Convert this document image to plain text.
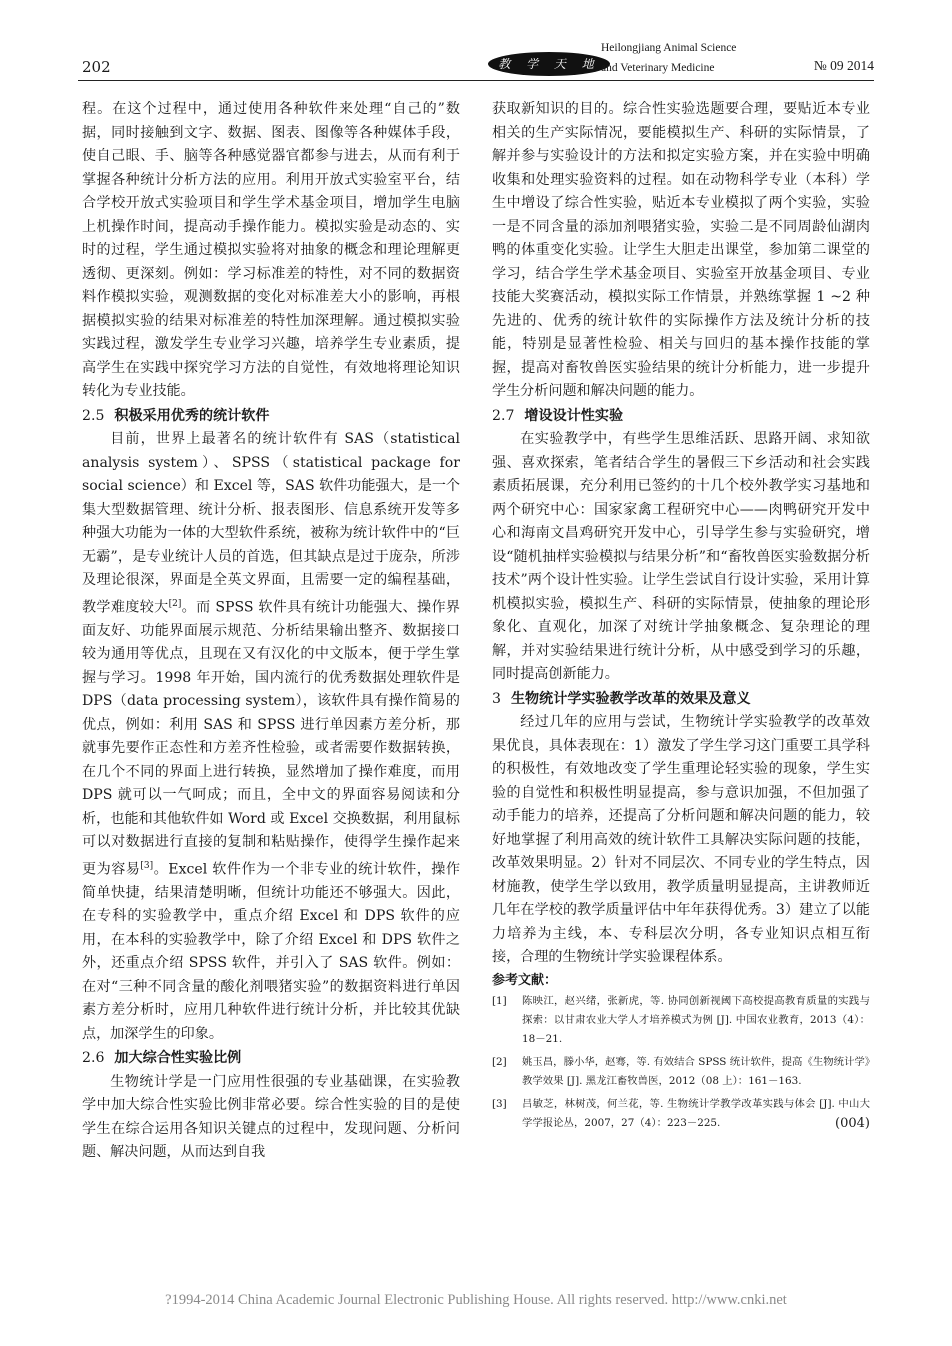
202	教 学 天 地
Heilongjiang Animal Science
and Veterinary Medicine	№ 09 2014

程。在这个过程中，通过使用各种软件来处理“自己的”数据，同时接触到文字、数据、图表、图像等各种媒体手段，使自己眼、手、脑等各种感觉器官都参与进去，从而有利于掌握各种统计分析方法的应用。利用开放式实验室平台，结合学校开放式实验项目和学生学术基金项目，增加学生电脑上机操作时间，提高动手操作能力。模拟实验是动态的、实时的过程，学生通过模拟实验将对抽象的概念和理论理解更透彻、更深刻。例如：学习标准差的特性，对不同的数据资料作模拟实验，观测数据的变化对标准差大小的影响，再根据模拟实验的结果对标准差的特性加深理解。通过模拟实验实践过程，激发学生专业学习兴趣，培养学生专业素质，提高学生在实践中探究学习方法的自觉性，有效地将理论知识转化为专业技能。

2.5 积极采用优秀的统计软件

目前，世界上最著名的统计软件有 SAS（statistical analysis system）、SPSS（statistical package for social science）和 Excel 等，SAS 软件功能强大，是一个集大型数据管理、统计分析、报表图形、信息系统开发等多种强大功能为一体的大型软件系统，被称为统计软件中的“巨无霸”，是专业统计人员的首选，但其缺点是过于庞杂，所涉及理论很深，界面是全英文界面，且需要一定的编程基础，教学难度较大[2]。而 SPSS 软件具有统计功能强大、操作界面友好、功能界面展示规范、分析结果输出整齐、数据接口较为通用等优点，且现在又有汉化的中文版本，便于学生掌握与学习。1998 年开始，国内流行的优秀数据处理软件是 DPS（data processing system），该软件具有操作简易的优点，例如：利用 SAS 和 SPSS 进行单因素方差分析，那就事先要作正态性和方差齐性检验，或者需要作数据转换，在几个不同的界面上进行转换，显然增加了操作难度，而用 DPS 就可以一气呵成；而且，全中文的界面容易阅读和分析，也能和其他软件如 Word 或 Excel 交换数据，利用鼠标可以对数据进行直接的复制和粘贴操作，使得学生操作起来更为容易[3]。Excel 软件作为一个非专业的统计软件，操作简单快捷，结果清楚明晰，但统计功能还不够强大。因此，在专科的实验教学中，重点介绍 Excel 和 DPS 软件的应用，在本科的实验教学中，除了介绍 Excel 和 DPS 软件之外，还重点介绍 SPSS 软件，并引入了 SAS 软件。例如：在对“三种不同含量的酸化剂喂猪实验”的数据资料进行单因素方差分析时，应用几种软件进行统计分析，并比较其优缺点，加深学生的印象。

2.6 加大综合性实验比例

生物统计学是一门应用性很强的专业基础课，在实验教学中加大综合性实验比例非常必要。综合性实验的目的是使学生在综合运用各知识关键点的过程中，发现问题、分析问题、解决问题，从而达到自我

获取新知识的目的。综合性实验选题要合理，要贴近本专业相关的生产实际情况，要能模拟生产、科研的实际情景，了解并参与实验设计的方法和拟定实验方案，并在实验中明确收集和处理实验资料的过程。如在动物科学专业（本科）学生中增设了综合性实验，贴近本专业模拟了两个实验，实验一是不同含量的添加剂喂猪实验，实验二是不同周龄仙湖肉鸭的体重变化实验。让学生大胆走出课堂，参加第二课堂的学习，结合学生学术基金项目、实验室开放基金项目、专业技能大奖赛活动，模拟实际工作情景，并熟练掌握 1 ~2 种先进的、优秀的统计软件的实际操作方法及统计分析的技能，特别是显著性检验、相关与回归的基本操作技能的掌握，提高对畜牧兽医实验结果的统计分析能力，进一步提升学生分析问题和解决问题的能力。

2.7 增设设计性实验

在实验教学中，有些学生思维活跃、思路开阔、求知欲强、喜欢探索，笔者结合学生的暑假三下乡活动和社会实践素质拓展课，充分利用已签约的十几个校外教学实习基地和两个研究中心：国家家禽工程研究中心——肉鸭研究开发中心和海南文昌鸡研究开发中心，引导学生参与实验研究，增设“随机抽样实验模拟与结果分析”和“畜牧兽医实验数据分析技术”两个设计性实验。让学生尝试自行设计实验，采用计算机模拟实验，模拟生产、科研的实际情景，使抽象的理论形象化、直观化，加深了对统计学抽象概念、复杂理论的理解，并对实验结果进行统计分析，从中感受到学习的乐趣，同时提高创新能力。

3 生物统计学实验教学改革的效果及意义

经过几年的应用与尝试，生物统计学实验教学的改革效果优良，具体表现在：1）激发了学生学习这门重要工具学科的积极性，有效地改变了学生重理论轻实验的现象，学生实验的自觉性和积极性明显提高，参与意识加强，不但加强了动手能力的培养，还提高了分析问题和解决问题的能力，较好地掌握了利用高效的统计软件工具解决实际问题的技能，改革效果明显。2）针对不同层次、不同专业的学生特点，因材施教，使学生学以致用，教学质量明显提高，主讲教师近几年在学校的教学质量评估中年年获得优秀。3）建立了以能力培养为主线，本、专科层次分明，各专业知识点相互衔接，合理的生物统计学实验课程体系。

参考文献：

[1]	陈映江，赵兴绪，张新虎，等. 协同创新视阈下高校提高教育质量的实践与探索：以甘肃农业大学人才培养模式为例 [J]. 中国农业教育，2013（4）：18－21.
[2]	姚玉昌，滕小华，赵骞，等. 有效结合 SPSS 统计软件，提高《生物统计学》教学效果 [J]. 黑龙江畜牧兽医，2012（08 上）：161－163.
[3]	吕敏芝，林树茂，何兰花，等. 生物统计学教学改革实践与体会 [J]. 中山大学学报论丛，2007，27（4）：223－225.	(004)
?1994-2014 China Academic Journal Electronic Publishing House. All rights reserved. http://www.cnki.net
